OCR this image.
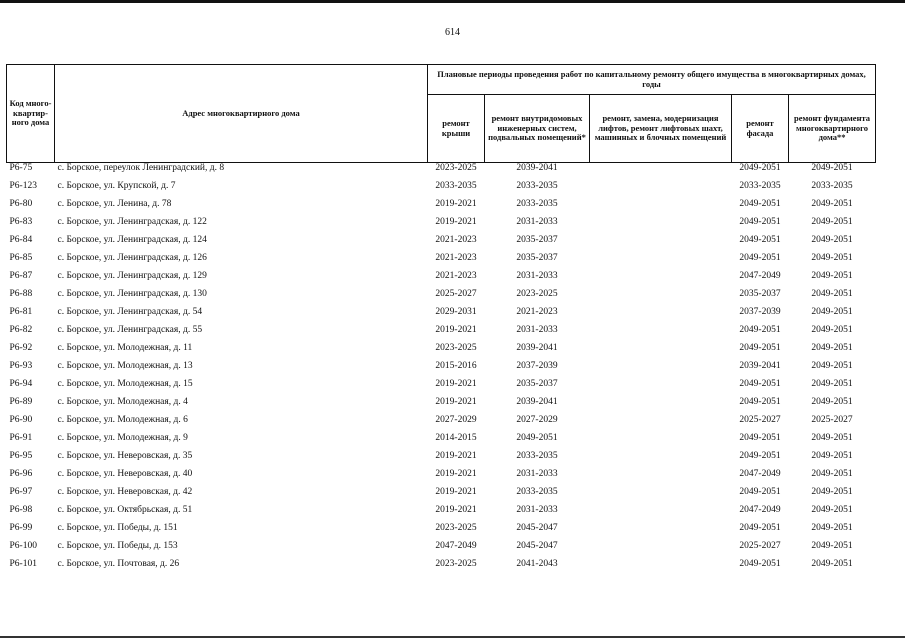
614
Код много-квартир-ного дома	Адрес многоквартирного дома	Плановые периоды проведения работ по капитальному ремонту общего имущества в многоквартирных домах, годы				
		ремонт крыши	ремонт внутридомовых инженерных систем, подвальных помещений*	ремонт, замена, модернизация лифтов, ремонт лифтовых шахт, машинных и блочных помещений	ремонт фасада	ремонт фундамента многоквартирного дома**
Р6-75	с. Борское, переулок Ленинградский, д. 8	2023-2025	2039-2041		2049-2051	2049-2051
Р6-123	с. Борское, ул. Крупской, д. 7	2033-2035	2033-2035		2033-2035	2033-2035
Р6-80	с. Борское, ул. Ленина, д. 78	2019-2021	2033-2035		2049-2051	2049-2051
Р6-83	с. Борское, ул. Ленинградская, д. 122	2019-2021	2031-2033		2049-2051	2049-2051
Р6-84	с. Борское, ул. Ленинградская, д. 124	2021-2023	2035-2037		2049-2051	2049-2051
Р6-85	с. Борское, ул. Ленинградская, д. 126	2021-2023	2035-2037		2049-2051	2049-2051
Р6-87	с. Борское, ул. Ленинградская, д. 129	2021-2023	2031-2033		2047-2049	2049-2051
Р6-88	с. Борское, ул. Ленинградская, д. 130	2025-2027	2023-2025		2035-2037	2049-2051
Р6-81	с. Борское, ул. Ленинградская, д. 54	2029-2031	2021-2023		2037-2039	2049-2051
Р6-82	с. Борское, ул. Ленинградская, д. 55	2019-2021	2031-2033		2049-2051	2049-2051
Р6-92	с. Борское, ул. Молодежная, д. 11	2023-2025	2039-2041		2049-2051	2049-2051
Р6-93	с. Борское, ул. Молодежная, д. 13	2015-2016	2037-2039		2039-2041	2049-2051
Р6-94	с. Борское, ул. Молодежная, д. 15	2019-2021	2035-2037		2049-2051	2049-2051
Р6-89	с. Борское, ул. Молодежная, д. 4	2019-2021	2039-2041		2049-2051	2049-2051
Р6-90	с. Борское, ул. Молодежная, д. 6	2027-2029	2027-2029		2025-2027	2025-2027
Р6-91	с. Борское, ул. Молодежная, д. 9	2014-2015	2049-2051		2049-2051	2049-2051
Р6-95	с. Борское, ул. Неверовская, д. 35	2019-2021	2033-2035		2049-2051	2049-2051
Р6-96	с. Борское, ул. Неверовская, д. 40	2019-2021	2031-2033		2047-2049	2049-2051
Р6-97	с. Борское, ул. Неверовская, д. 42	2019-2021	2033-2035		2049-2051	2049-2051
Р6-98	с. Борское, ул. Октябрьская, д. 51	2019-2021	2031-2033		2047-2049	2049-2051
Р6-99	с. Борское, ул. Победы, д. 151	2023-2025	2045-2047		2049-2051	2049-2051
Р6-100	с. Борское, ул. Победы, д. 153	2047-2049	2045-2047		2025-2027	2049-2051
Р6-101	с. Борское, ул. Почтовая, д. 26	2023-2025	2041-2043		2049-2051	2049-2051
